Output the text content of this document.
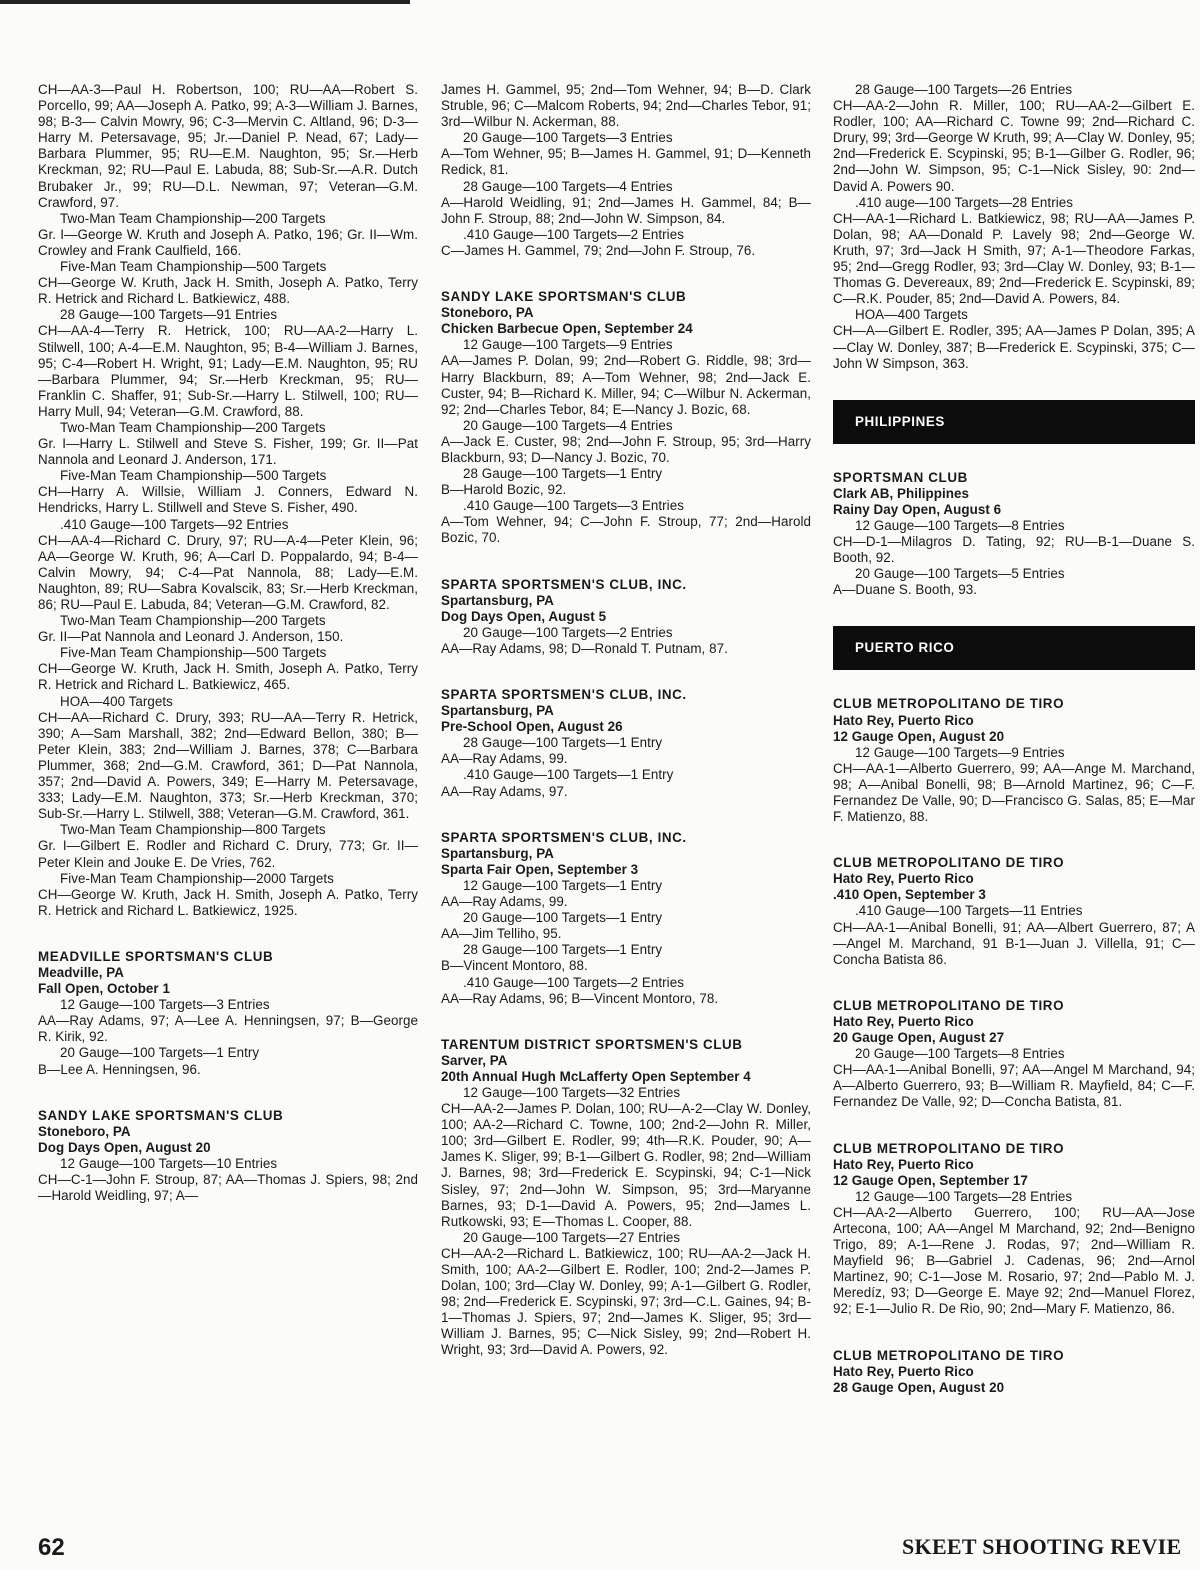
CH—AA-3—Paul H. Robertson, 100; RU—AA—Robert S. Porcello, 99; AA—Joseph A. Patko, 99; A-3—William J. Barnes, 98; B-3— Calvin Mowry, 96; C-3—Mervin C. Altland, 96; D-3—Harry M. Petersavage, 95; Jr.—Daniel P. Nead, 67; Lady—Barbara Plummer, 95; RU—E.M. Naughton, 95; Sr.—Herb Kreckman, 92; RU—Paul E. Labuda, 88; Sub-Sr.—A.R. Dutch Brubaker Jr., 99; RU—D.L. Newman, 97; Veteran—G.M. Crawford, 97.

Two-Man Team Championship—200 Targets

Gr. I—George W. Kruth and Joseph A. Patko, 196; Gr. II—Wm. Crowley and Frank Caulfield, 166.

Five-Man Team Championship—500 Targets

CH—George W. Kruth, Jack H. Smith, Joseph A. Patko, Terry R. Hetrick and Richard L. Batkiewicz, 488.

28 Gauge—100 Targets—91 Entries

CH—AA-4—Terry R. Hetrick, 100; RU—AA-2—Harry L. Stilwell, 100; A-4—E.M. Naughton, 95; B-4—William J. Barnes, 95; C-4—Robert H. Wright, 91; Lady—E.M. Naughton, 95; RU—Barbara Plummer, 94; Sr.—Herb Kreckman, 95; RU—Franklin C. Shaffer, 91; Sub-Sr.—Harry L. Stilwell, 100; RU—Harry Mull, 94; Veteran—G.M. Crawford, 88.

Two-Man Team Championship—200 Targets

Gr. I—Harry L. Stilwell and Steve S. Fisher, 199; Gr. II—Pat Nannola and Leonard J. Anderson, 171.

Five-Man Team Championship—500 Targets

CH—Harry A. Willsie, William J. Conners, Edward N. Hendricks, Harry L. Stillwell and Steve S. Fisher, 490.

.410 Gauge—100 Targets—92 Entries

CH—AA-4—Richard C. Drury, 97; RU—A-4—Peter Klein, 96; AA—George W. Kruth, 96; A—Carl D. Poppalardo, 94; B-4—Calvin Mowry, 94; C-4—Pat Nannola, 88; Lady—E.M. Naughton, 89; RU—Sabra Kovalscik, 83; Sr.—Herb Kreckman, 86; RU—Paul E. Labuda, 84; Veteran—G.M. Crawford, 82.

Two-Man Team Championship—200 Targets

Gr. II—Pat Nannola and Leonard J. Anderson, 150.

Five-Man Team Championship—500 Targets

CH—George W. Kruth, Jack H. Smith, Joseph A. Patko, Terry R. Hetrick and Richard L. Batkiewicz, 465.

HOA—400 Targets

CH—AA—Richard C. Drury, 393; RU—AA—Terry R. Hetrick, 390; A—Sam Marshall, 382; 2nd—Edward Bellon, 380; B—Peter Klein, 383; 2nd—William J. Barnes, 378; C—Barbara Plummer, 368; 2nd—G.M. Crawford, 361; D—Pat Nannola, 357; 2nd—David A. Powers, 349; E—Harry M. Petersavage, 333; Lady—E.M. Naughton, 373; Sr.—Herb Kreckman, 370; Sub-Sr.—Harry L. Stilwell, 388; Veteran—G.M. Crawford, 361.

Two-Man Team Championship—800 Targets

Gr. I—Gilbert E. Rodler and Richard C. Drury, 773; Gr. II—Peter Klein and Jouke E. De Vries, 762.

Five-Man Team Championship—2000 Targets

CH—George W. Kruth, Jack H. Smith, Joseph A. Patko, Terry R. Hetrick and Richard L. Batkiewicz, 1925.

MEADVILLE SPORTSMAN'S CLUB
Meadville, PA
Fall Open, October 1

12 Gauge—100 Targets—3 Entries

AA—Ray Adams, 97; A—Lee A. Henningsen, 97; B—George R. Kirik, 92.

20 Gauge—100 Targets—1 Entry

B—Lee A. Henningsen, 96.

SANDY LAKE SPORTSMAN'S CLUB
Stoneboro, PA
Dog Days Open, August 20

12 Gauge—100 Targets—10 Entries

CH—C-1—John F. Stroup, 87; AA—Thomas J. Spiers, 98; 2nd—Harold Weidling, 97; A—

James H. Gammel, 95; 2nd—Tom Wehner, 94; B—D. Clark Struble, 96; C—Malcom Roberts, 94; 2nd—Charles Tebor, 91; 3rd—Wilbur N. Ackerman, 88.

20 Gauge—100 Targets—3 Entries

A—Tom Wehner, 95; B—James H. Gammel, 91; D—Kenneth Redick, 81.

28 Gauge—100 Targets—4 Entries

A—Harold Weidling, 91; 2nd—James H. Gammel, 84; B—John F. Stroup, 88; 2nd—John W. Simpson, 84.

.410 Gauge—100 Targets—2 Entries

C—James H. Gammel, 79; 2nd—John F. Stroup, 76.

SANDY LAKE SPORTSMAN'S CLUB
Stoneboro, PA
Chicken Barbecue Open, September 24

12 Gauge—100 Targets—9 Entries

AA—James P. Dolan, 99; 2nd—Robert G. Riddle, 98; 3rd—Harry Blackburn, 89; A—Tom Wehner, 98; 2nd—Jack E. Custer, 94; B—Richard K. Miller, 94; C—Wilbur N. Ackerman, 92; 2nd—Charles Tebor, 84; E—Nancy J. Bozic, 68.

20 Gauge—100 Targets—4 Entries

A—Jack E. Custer, 98; 2nd—John F. Stroup, 95; 3rd—Harry Blackburn, 93; D—Nancy J. Bozic, 70.

28 Gauge—100 Targets—1 Entry

B—Harold Bozic, 92.

.410 Gauge—100 Targets—3 Entries

A—Tom Wehner, 94; C—John F. Stroup, 77; 2nd—Harold Bozic, 70.

SPARTA SPORTSMEN'S CLUB, INC.
Spartansburg, PA
Dog Days Open, August 5

20 Gauge—100 Targets—2 Entries

AA—Ray Adams, 98; D—Ronald T. Putnam, 87.

SPARTA SPORTSMEN'S CLUB, INC.
Spartansburg, PA
Pre-School Open, August 26

28 Gauge—100 Targets—1 Entry

AA—Ray Adams, 99.

.410 Gauge—100 Targets—1 Entry

AA—Ray Adams, 97.

SPARTA SPORTSMEN'S CLUB, INC.
Spartansburg, PA
Sparta Fair Open, September 3

12 Gauge—100 Targets—1 Entry

AA—Ray Adams, 99.

20 Gauge—100 Targets—1 Entry

AA—Jim Telliho, 95.

28 Gauge—100 Targets—1 Entry

B—Vincent Montoro, 88.

.410 Gauge—100 Targets—2 Entries

AA—Ray Adams, 96; B—Vincent Montoro, 78.

TARENTUM DISTRICT SPORTSMEN'S CLUB
Sarver, PA
20th Annual Hugh McLafferty Open September 4

12 Gauge—100 Targets—32 Entries

CH—AA-2—James P. Dolan, 100; RU—A-2—Clay W. Donley, 100; AA-2—Richard C. Towne, 100; 2nd-2—John R. Miller, 100; 3rd—Gilbert E. Rodler, 99; 4th—R.K. Pouder, 90; A—James K. Sliger, 99; B-1—Gilbert G. Rodler, 98; 2nd—William J. Barnes, 98; 3rd—Frederick E. Scypinski, 94; C-1—Nick Sisley, 97; 2nd—John W. Simpson, 95; 3rd—Maryanne Barnes, 93; D-1—David A. Powers, 95; 2nd—James L. Rutkowski, 93; E—Thomas L. Cooper, 88.

20 Gauge—100 Targets—27 Entries

CH—AA-2—Richard L. Batkiewicz, 100; RU—AA-2—Jack H. Smith, 100; AA-2—Gilbert E. Rodler, 100; 2nd-2—James P. Dolan, 100; 3rd—Clay W. Donley, 99; A-1—Gilbert G. Rodler, 98; 2nd—Frederick E. Scypinski, 97; 3rd—C.L. Gaines, 94; B-1—Thomas J. Spiers, 97; 2nd—James K. Sliger, 95; 3rd—William J. Barnes, 95; C—Nick Sisley, 99; 2nd—Robert H. Wright, 93; 3rd—David A. Powers, 92.

28 Gauge—100 Targets—26 Entries

CH—AA-2—John R. Miller, 100; RU—AA-2—Gilbert E. Rodler, 100; AA—Richard C. Towne 99; 2nd—Richard C. Drury, 99; 3rd—George W Kruth, 99; A—Clay W. Donley, 95; 2nd—Frederick E. Scypinski, 95; B-1—Gilber G. Rodler, 96; 2nd—John W. Simpson, 95; C-1—Nick Sisley, 90: 2nd—David A. Powers 90.

.410 auge—100 Targets—28 Entries

CH—AA-1—Richard L. Batkiewicz, 98; RU—AA—James P. Dolan, 98; AA—Donald P. Lavely 98; 2nd—George W. Kruth, 97; 3rd—Jack H Smith, 97; A-1—Theodore Farkas, 95; 2nd—Gregg Rodler, 93; 3rd—Clay W. Donley, 93; B-1—Thomas G. Devereaux, 89; 2nd—Frederick E. Scypinski, 89; C—R.K. Pouder, 85; 2nd—David A. Powers, 84.

HOA—400 Targets

CH—A—Gilbert E. Rodler, 395; AA—James P Dolan, 395; A—Clay W. Donley, 387; B—Frederick E. Scypinski, 375; C—John W Simpson, 363.

PHILIPPINES
SPORTSMAN CLUB
Clark AB, Philippines
Rainy Day Open, August 6

12 Gauge—100 Targets—8 Entries

CH—D-1—Milagros D. Tating, 92; RU—B-1—Duane S. Booth, 92.

20 Gauge—100 Targets—5 Entries

A—Duane S. Booth, 93.

PUERTO RICO
CLUB METROPOLITANO DE TIRO
Hato Rey, Puerto Rico
12 Gauge Open, August 20

12 Gauge—100 Targets—9 Entries

CH—AA-1—Alberto Guerrero, 99; AA—Ange M. Marchand, 98; A—Anibal Bonelli, 98; B—Arnold Martinez, 96; C—F. Fernandez De Valle, 90; D—Francisco G. Salas, 85; E—Mar F. Matienzo, 88.

CLUB METROPOLITANO DE TIRO
Hato Rey, Puerto Rico
.410 Open, September 3

.410 Gauge—100 Targets—11 Entries

CH—AA-1—Anibal Bonelli, 91; AA—Albert Guerrero, 87; A—Angel M. Marchand, 91 B-1—Juan J. Villella, 91; C—Concha Batista 86.

CLUB METROPOLITANO DE TIRO
Hato Rey, Puerto Rico
20 Gauge Open, August 27

20 Gauge—100 Targets—8 Entries

CH—AA-1—Anibal Bonelli, 97; AA—Angel M Marchand, 94; A—Alberto Guerrero, 93; B—William R. Mayfield, 84; C—F. Fernandez De Valle, 92; D—Concha Batista, 81.

CLUB METROPOLITANO DE TIRO
Hato Rey, Puerto Rico
12 Gauge Open, September 17

12 Gauge—100 Targets—28 Entries

CH—AA-2—Alberto Guerrero, 100; RU—AA—Jose Artecona, 100; AA—Angel M Marchand, 92; 2nd—Benigno Trigo, 89; A-1—Rene J. Rodas, 97; 2nd—William R. Mayfield 96; B—Gabriel J. Cadenas, 96; 2nd—Arnol Martinez, 90; C-1—Jose M. Rosario, 97; 2nd—Pablo M. J. Meredíz, 93; D—George E. Maye 92; 2nd—Manuel Florez, 92; E-1—Julio R. De Rio, 90; 2nd—Mary F. Matienzo, 86.

CLUB METROPOLITANO DE TIRO
Hato Rey, Puerto Rico
28 Gauge Open, August 20
62	SKEET SHOOTING REVIE
